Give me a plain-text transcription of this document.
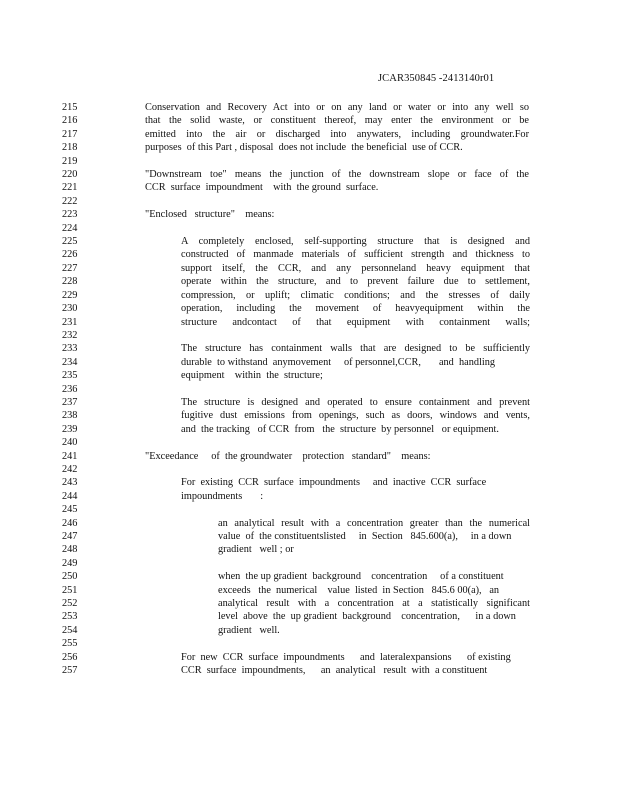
JCAR350845 -2413140r01
215	Conservation and Recovery Act into or on any land or water or into any well so
216	that the solid waste, or constituent thereof, may enter the environment or be
217	emitted into the air or discharged into anywaters, including groundwater.For
218	purposes  of this Part , disposal  does not include  the beneficial  use of CCR.
219
220	"Downstream toe" means the junction of the downstream slope or face of the
221	CCR  surface  impoundment    with  the ground  surface.
222
223	"Enclosed   structure"    means:
224
225	A completely enclosed, self-supporting structure that is designed and
226	constructed of manmade materials of sufficient strength and thickness to
227	support itself, the CCR, and any personneland heavy equipment that
228	operate within the structure, and to prevent failure due to settlement,
229	compression, or uplift; climatic conditions; and the stresses of daily
230	operation, including the movement of heavyequipment within the
231	structure andcontact of that equipment with containment walls;
232
233	The structure has containment walls that are designed to be sufficiently
234	durable  to withstand  anymovement     of personnel,CCR,       and  handling
235	equipment    within  the  structure;
236
237	The structure is designed and operated to ensure containment and prevent
238	fugitive dust emissions from openings, such as doors, windows and vents,
239	and  the tracking   of CCR  from   the  structure  by personnel   or equipment.
240
241	"Exceedance     of  the groundwater    protection   standard"    means:
242
243	For  existing  CCR  surface  impoundments     and  inactive  CCR  surface
244	impoundments       :
245
246	an analytical result with a concentration greater than the numerical
247	value  of  the constituentslisted     in  Section   845.600(a),     in a down
248	gradient   well ; or
249
250	when  the up gradient  background    concentration     of a constituent
251	exceeds   the  numerical    value  listed  in Section   845.6 00(a),   an
252	analytical result with a concentration at a statistically significant
253	level  above  the  up gradient  background    concentration,      in a down
254	gradient   well.
255
256	For  new  CCR  surface  impoundments      and  lateralexpansions      of existing
257	CCR  surface  impoundments,      an  analytical   result  with  a constituent
